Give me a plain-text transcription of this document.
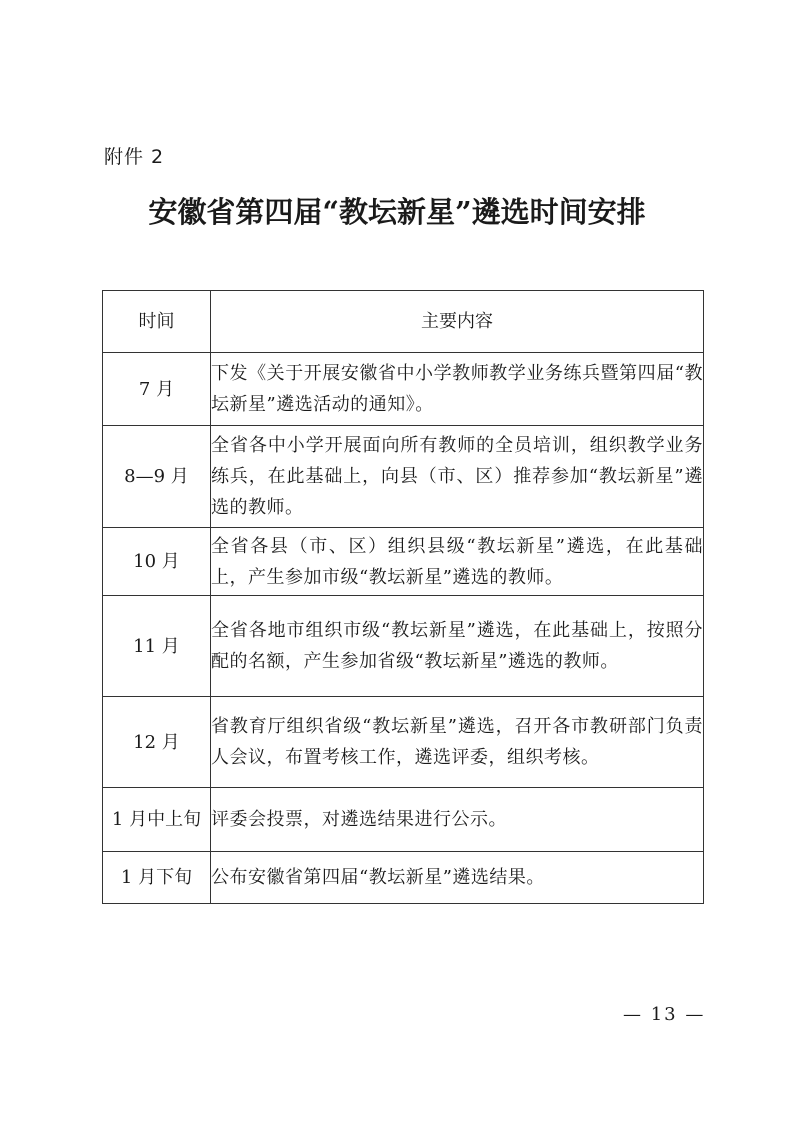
附件 2
安徽省第四届“教坛新星”遴选时间安排
时间	主要内容
7 月	下发《关于开展安徽省中小学教师教学业务练兵暨第四届“教坛新星”遴选活动的通知》。
8—9 月	全省各中小学开展面向所有教师的全员培训，组织教学业务练兵，在此基础上，向县（市、区）推荐参加“教坛新星”遴选的教师。
10 月	全省各县（市、区）组织县级“教坛新星”遴选，在此基础上，产生参加市级“教坛新星”遴选的教师。
11 月	全省各地市组织市级“教坛新星”遴选，在此基础上，按照分配的名额，产生参加省级“教坛新星”遴选的教师。
12 月	省教育厅组织省级“教坛新星”遴选，召开各市教研部门负责人会议，布置考核工作，遴选评委，组织考核。
1 月中上旬	评委会投票，对遴选结果进行公示。
1 月下旬	公布安徽省第四届“教坛新星”遴选结果。
— 13 —
